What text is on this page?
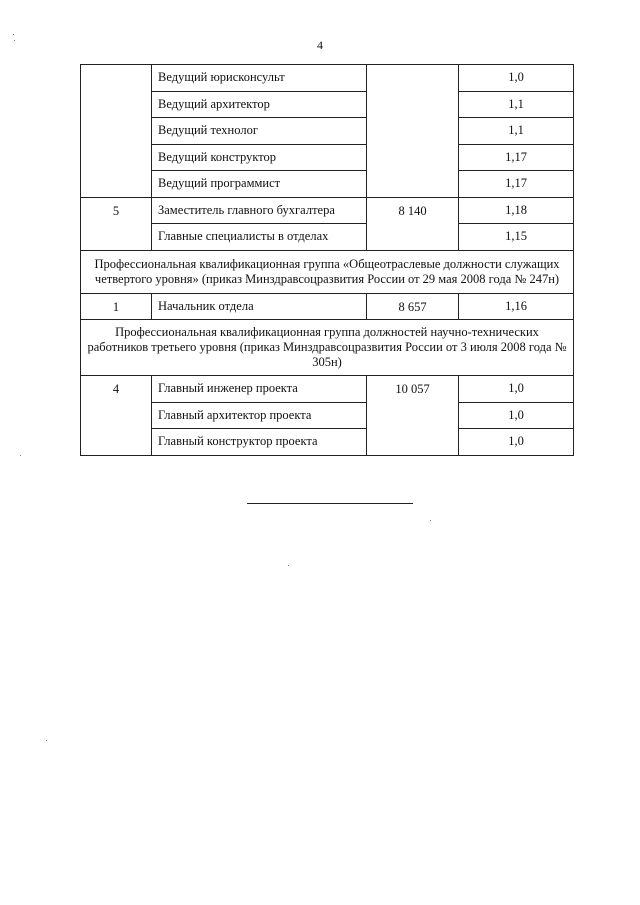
4
	Ведущий юрисконсульт		1,0
	Ведущий архитектор		1,1
	Ведущий технолог		1,1
	Ведущий конструктор		1,17
	Ведущий программист		1,17
5	Заместитель главного бухгалтера	8 140	1,18
	Главные специалисты в отделах		1,15
Профессиональная квалификационная группа «Общеотраслевые должности служащих четвертого уровня» (приказ Минздравсоцразвития России от 29 мая 2008 года № 247н)			
1	Начальник отдела	8 657	1,16
Профессиональная квалификационная группа должностей научно-технических работников третьего уровня (приказ Минздравсоцразвития России от 3 июля 2008 года № 305н)			
4	Главный инженер проекта	10 057	1,0
	Главный архитектор проекта		1,0
	Главный конструктор проекта		1,0
